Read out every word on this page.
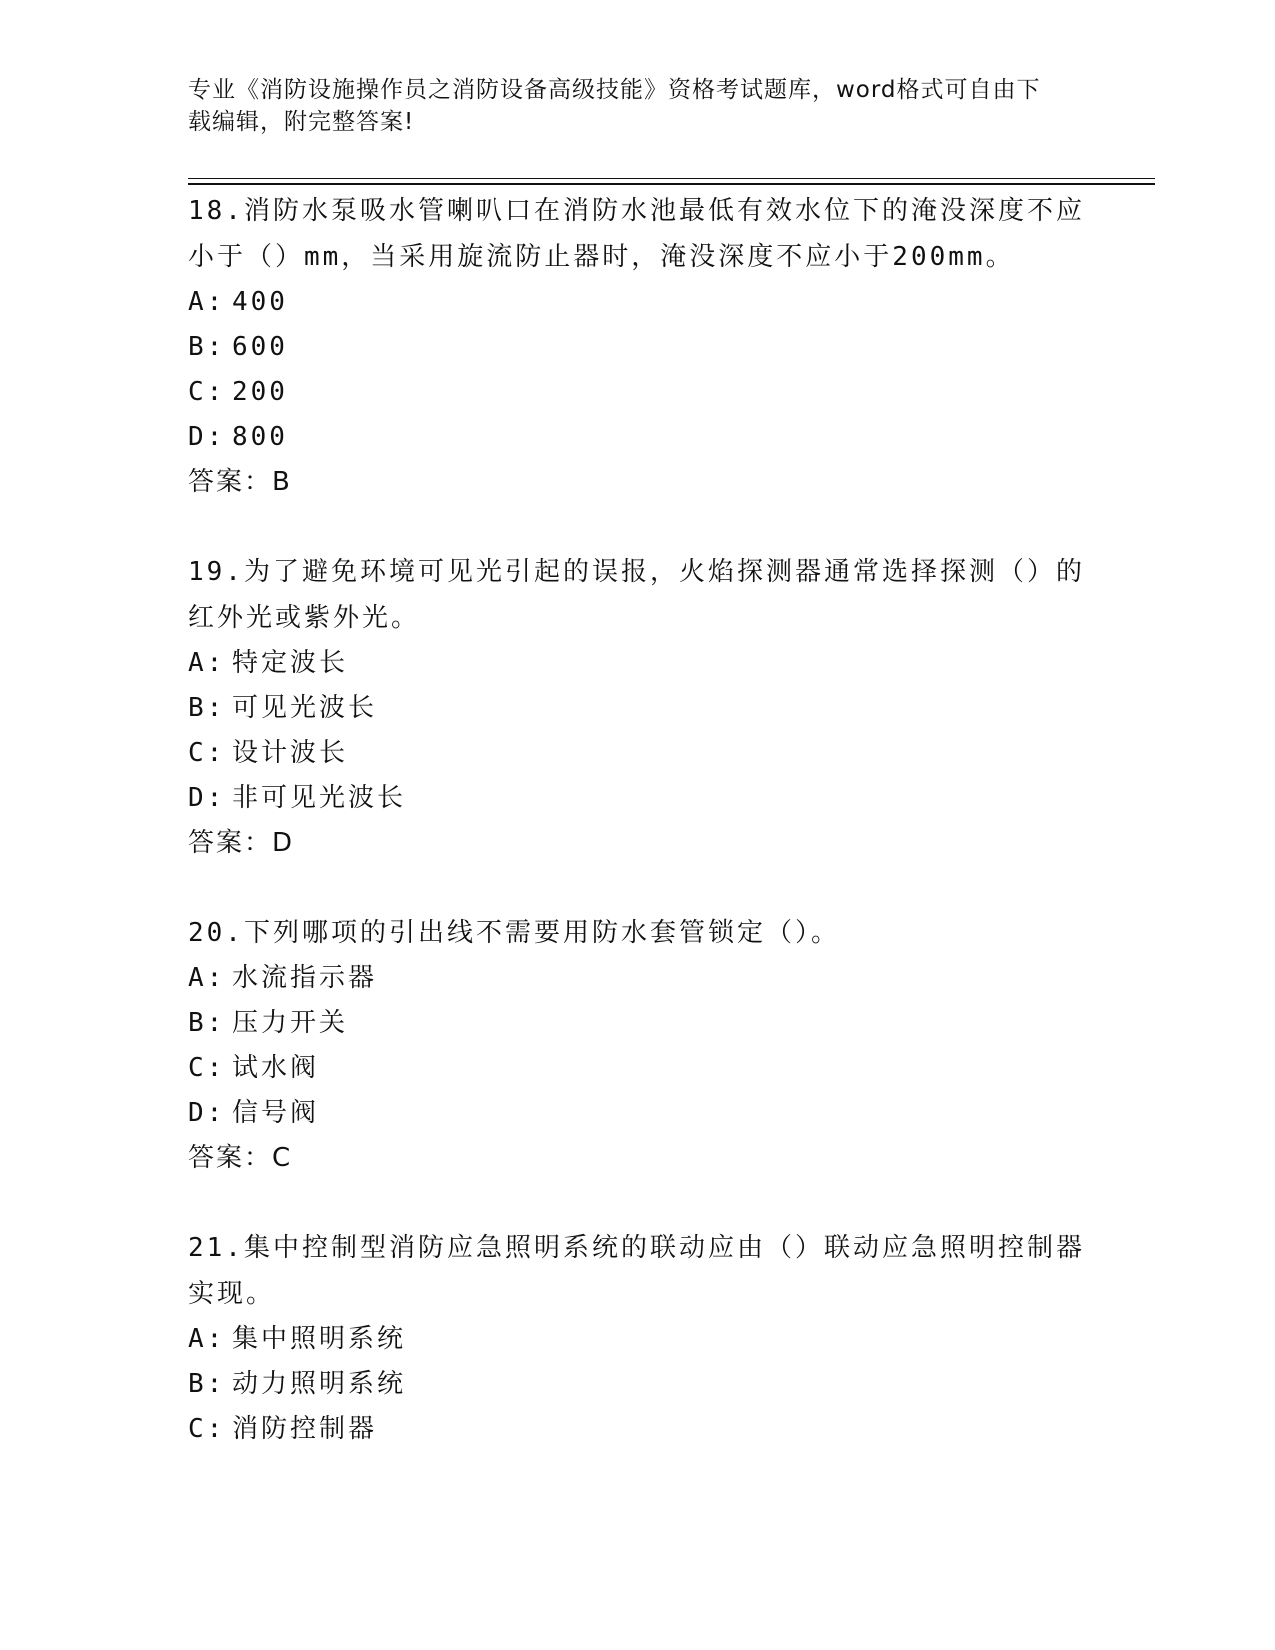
专业《消防设施操作员之消防设备高级技能》资格考试题库，word格式可自由下
载编辑，附完整答案!

18.消防水泵吸水管喇叭口在消防水池最低有效水位下的淹没深度不应
小于（）mm，当采用旋流防止器时，淹没深度不应小于200mm。

A: 400
B: 600
C: 200
D: 800

答案：B

19.为了避免环境可见光引起的误报，火焰探测器通常选择探测（）的
红外光或紫外光。

A: 特定波长
B: 可见光波长
C: 设计波长
D: 非可见光波长

答案：D

20.下列哪项的引出线不需要用防水套管锁定（）。

A: 水流指示器
B: 压力开关
C: 试水阀
D: 信号阀

答案：C

21.集中控制型消防应急照明系统的联动应由（）联动应急照明控制器
实现。

A: 集中照明系统
B: 动力照明系统
C: 消防控制器
